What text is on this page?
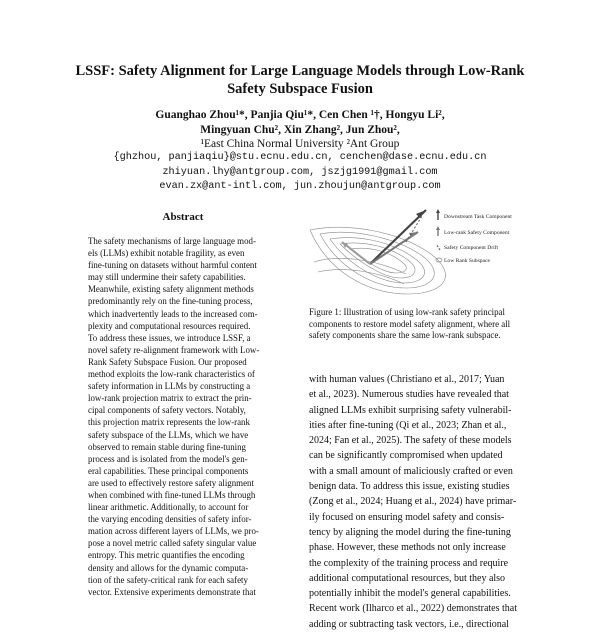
LSSF: Safety Alignment for Large Language Models through Low-Rank
Safety Subspace Fusion
Guanghao Zhou¹*, Panjia Qiu¹*, Cen Chen ¹†, Hongyu Li²,
Mingyuan Chu², Xin Zhang², Jun Zhou²,
¹East China Normal University ²Ant Group
{ghzhou, panjiaqiu}@stu.ecnu.edu.cn, cenchen@dase.ecnu.edu.cn
zhiyuan.lhy@antgroup.com, jszjg1991@gmail.com
evan.zx@ant-intl.com, jun.zhoujun@antgroup.com
Abstract
The safety mechanisms of large language mod-
els (LLMs) exhibit notable fragility, as even
fine-tuning on datasets without harmful content
may still undermine their safety capabilities.
Meanwhile, existing safety alignment methods
predominantly rely on the fine-tuning process,
which inadvertently leads to the increased com-
plexity and computational resources required.
To address these issues, we introduce LSSF, a
novel safety re-alignment framework with Low-
Rank Safety Subspace Fusion. Our proposed
method exploits the low-rank characteristics of
safety information in LLMs by constructing a
low-rank projection matrix to extract the prin-
cipal components of safety vectors. Notably,
this projection matrix represents the low-rank
safety subspace of the LLMs, which we have
observed to remain stable during fine-tuning
process and is isolated from the model's gen-
eral capabilities. These principal components
are used to effectively restore safety alignment
when combined with fine-tuned LLMs through
linear arithmetic. Additionally, to account for
the varying encoding densities of safety infor-
mation across different layers of LLMs, we pro-
pose a novel metric called safety singular value
entropy. This metric quantifies the encoding
density and allows for the dynamic computa-
tion of the safety-critical rank for each safety
vector. Extensive experiments demonstrate that
Downstream Task Component
Low-rank Safety Component
Safety Component Drift
Low Rank Subspace
Figure 1: Illustration of using low-rank safety principal
components to restore model safety alignment, where all
safety components share the same low-rank subspace.
with human values (Christiano et al., 2017; Yuan
et al., 2023). Numerous studies have revealed that
aligned LLMs exhibit surprising safety vulnerabil-
ities after fine-tuning (Qi et al., 2023; Zhan et al.,
2024; Fan et al., 2025). The safety of these models
can be significantly compromised when updated
with a small amount of maliciously crafted or even
benign data. To address this issue, existing studies
(Zong et al., 2024; Huang et al., 2024) have primar-
ily focused on ensuring model safety and consis-
tency by aligning the model during the fine-tuning
phase. However, these methods not only increase
the complexity of the training process and require
additional computational resources, but they also
potentially inhibit the model's general capabilities.
Recent work (Ilharco et al., 2022) demonstrates that
adding or subtracting task vectors, i.e., directional
